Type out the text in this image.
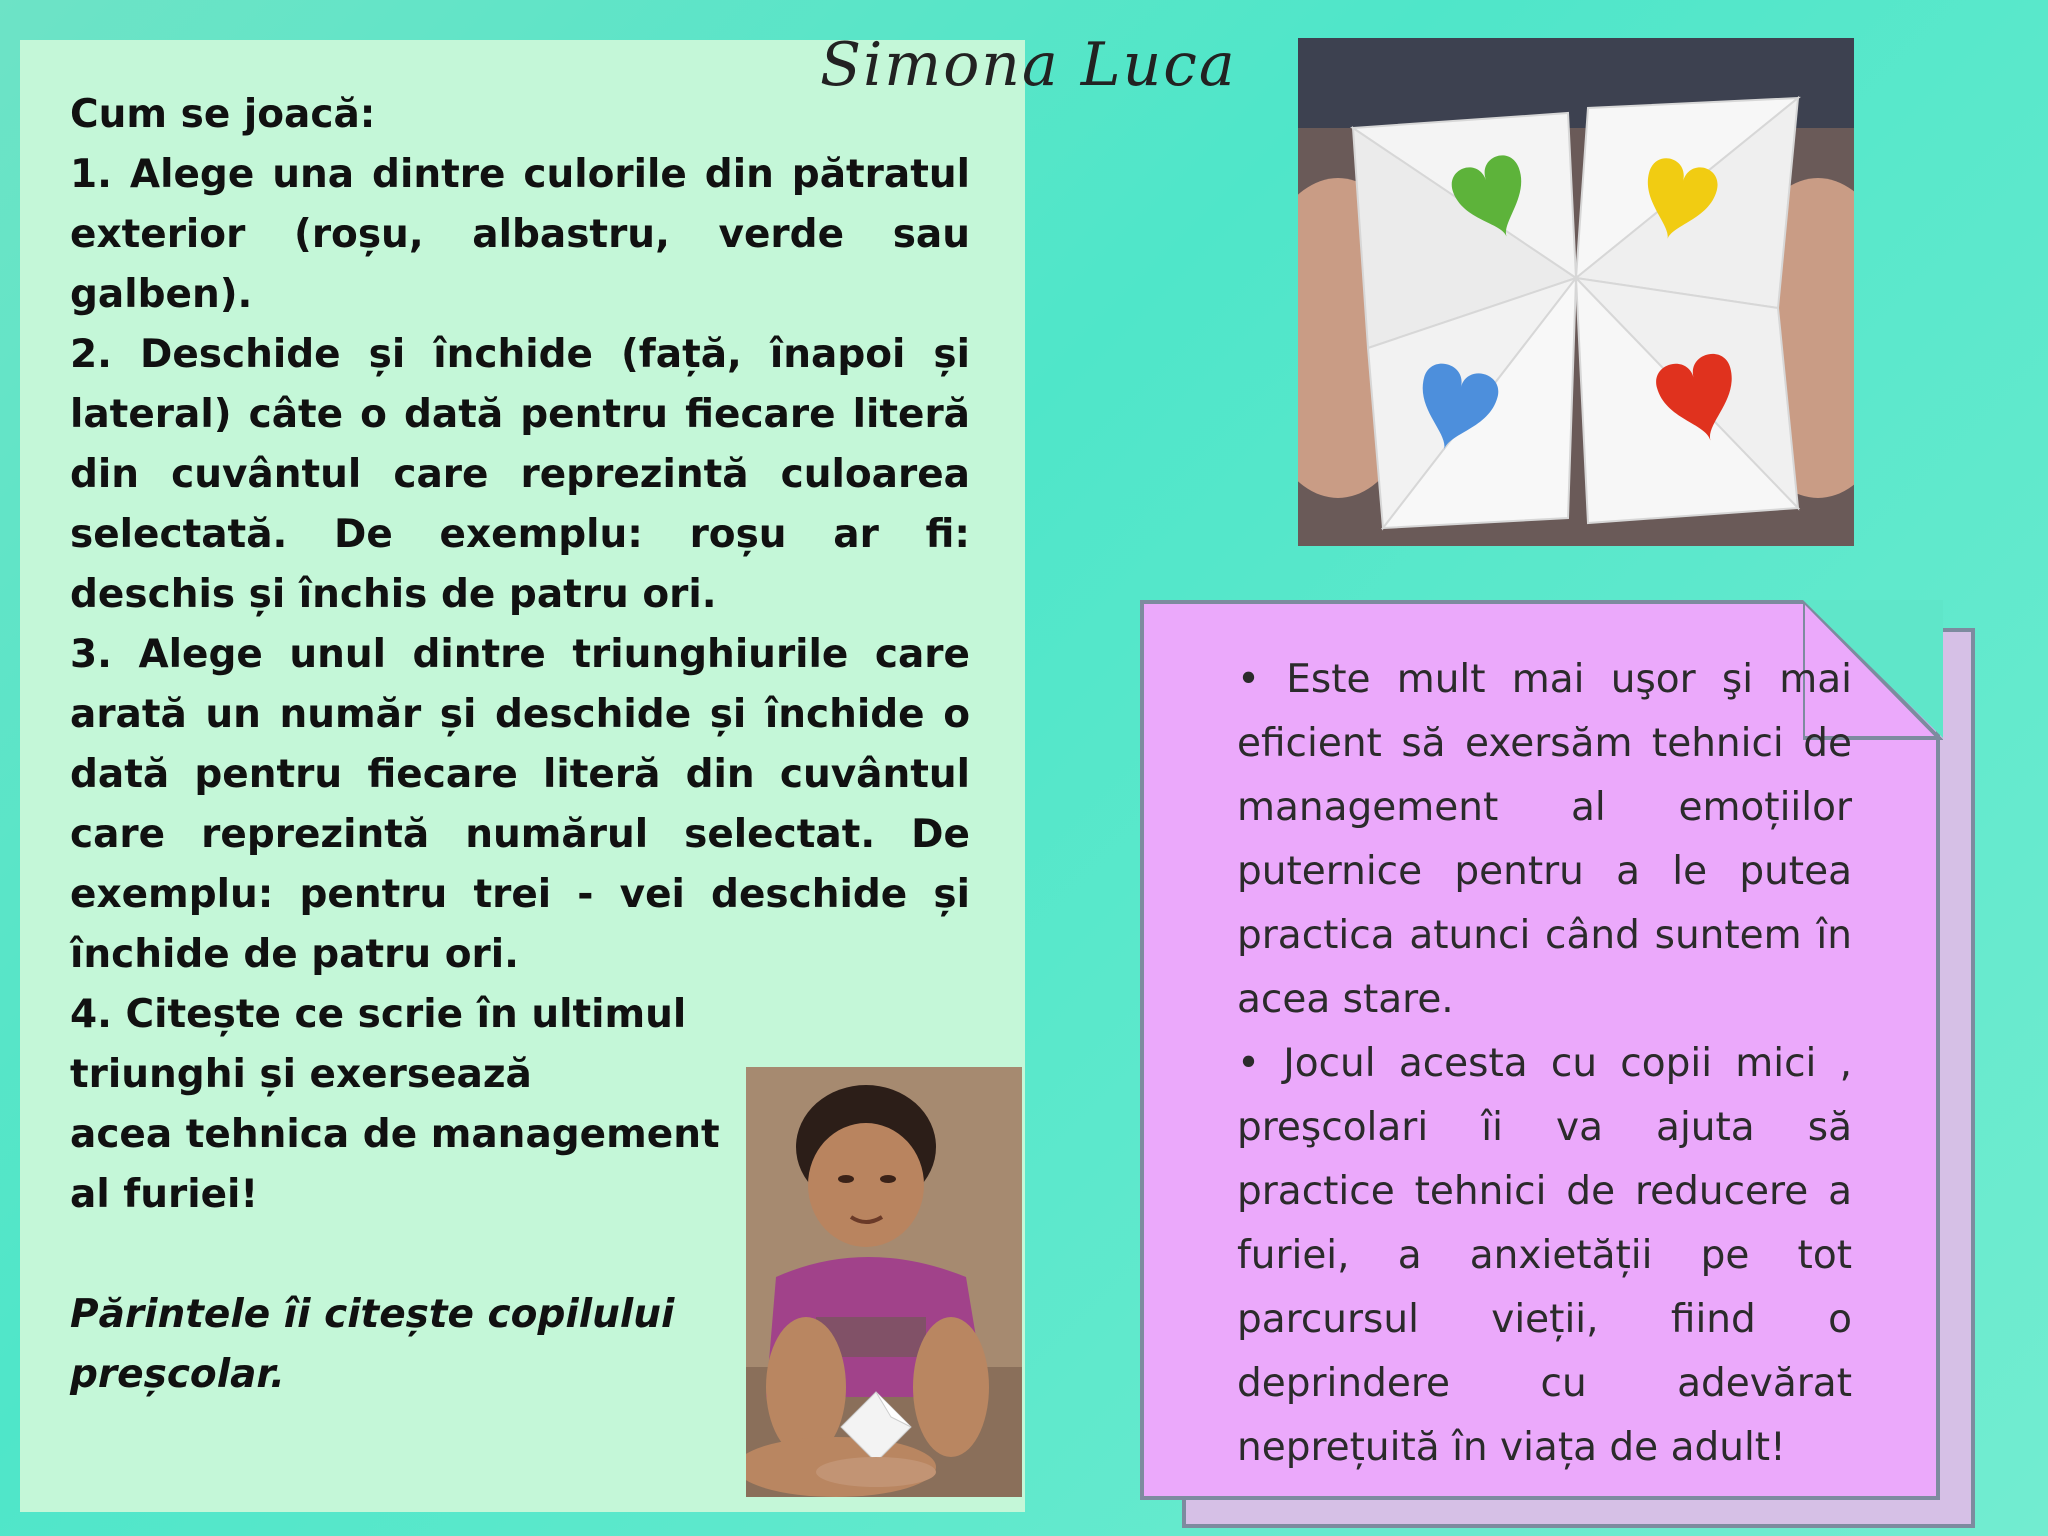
Simona Luca

Cum se joacă:

1. Alege una dintre culorile din pătratul exterior (roșu, albastru, verde sau galben).

2. Deschide și închide (față, înapoi și lateral) câte o dată pentru fiecare literă din cuvântul care reprezintă culoarea selectată. De exemplu: roșu ar fi: deschis și închis de patru ori.

3. Alege unul dintre triunghiurile care arată un număr și deschide și închide o dată pentru fiecare literă din cuvântul care reprezintă numărul selectat. De exemplu: pentru trei - vei deschide și închide de patru ori.

4. Citește ce scrie în ultimul

triunghi și exersează

acea tehnica de management

al furiei!

Părintele îi citește copilului

preșcolar.

• Este mult mai uşor şi mai eficient să exersăm tehnici de management al emoțiilor puternice pentru a le putea practica atunci când suntem în acea stare.

• Jocul acesta cu copii mici , preşcolari îi va ajuta să practice tehnici de reducere a furiei, a anxietății pe tot parcursul vieții, fiind o deprindere cu adevărat neprețuită în viața de adult!
